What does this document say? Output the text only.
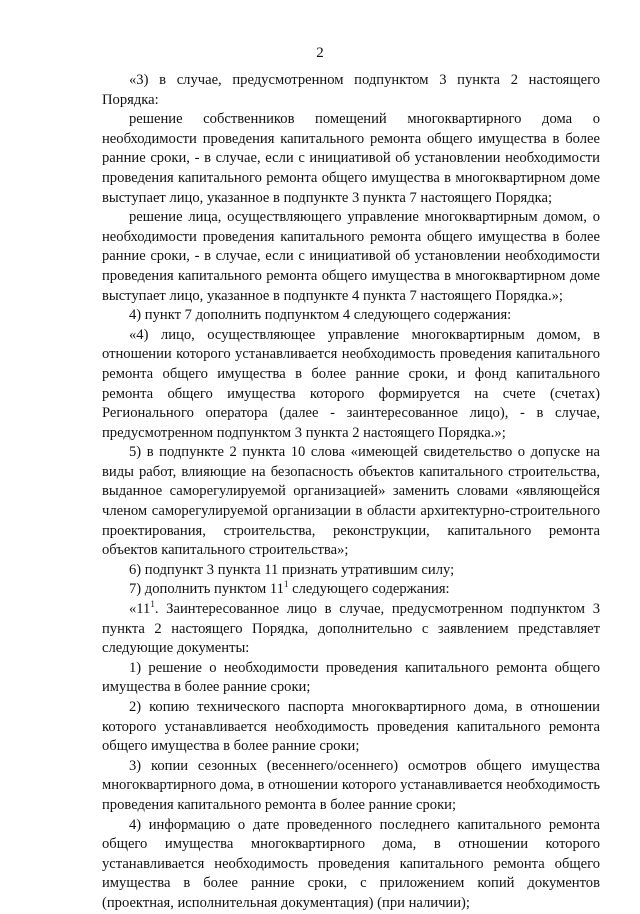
2

«3) в случае, предусмотренном подпунктом 3 пункта 2 настоящего Порядка:

решение собственников помещений многоквартирного дома о необходимости проведения капитального ремонта общего имущества в более ранние сроки, - в случае, если с инициативой об установлении необходимости проведения капитального ремонта общего имущества в многоквартирном доме выступает лицо, указанное в подпункте 3 пункта 7 настоящего Порядка;

решение лица, осуществляющего управление многоквартирным домом, о необходимости проведения капитального ремонта общего имущества в более ранние сроки, - в случае, если с инициативой об установлении необходимости проведения капитального ремонта общего имущества в многоквартирном доме выступает лицо, указанное в подпункте 4 пункта 7 настоящего Порядка.»;

4) пункт 7 дополнить подпунктом 4 следующего содержания:

«4) лицо, осуществляющее управление многоквартирным домом, в отношении которого устанавливается необходимость проведения капитального ремонта общего имущества в более ранние сроки, и фонд капитального ремонта общего имущества которого формируется на счете (счетах) Регионального оператора (далее - заинтересованное лицо), - в случае, предусмотренном подпунктом 3 пункта 2 настоящего Порядка.»;

5) в подпункте 2 пункта 10 слова «имеющей свидетельство о допуске на виды работ, влияющие на безопасность объектов капитального строительства, выданное саморегулируемой организацией» заменить словами «являющейся членом саморегулируемой организации в области архитектурно-строительного проектирования, строительства, реконструкции, капитального ремонта объектов капитального строительства»;

6) подпункт 3 пункта 11 признать утратившим силу;

7) дополнить пунктом $11^1$ следующего содержания:

«$11^1$. Заинтересованное лицо в случае, предусмотренном подпунктом 3 пункта 2 настоящего Порядка, дополнительно с заявлением представляет следующие документы:

1) решение о необходимости проведения капитального ремонта общего имущества в более ранние сроки;

2) копию технического паспорта многоквартирного дома, в отношении которого устанавливается необходимость проведения капитального ремонта общего имущества в более ранние сроки;

3) копии сезонных (весеннего/осеннего) осмотров общего имущества многоквартирного дома, в отношении которого устанавливается необходимость проведения капитального ремонта в более ранние сроки;

4) информацию о дате проведенного последнего капитального ремонта общего имущества многоквартирного дома, в отношении которого устанавливается необходимость проведения капитального ремонта общего имущества в более ранние сроки, с приложением копий документов (проектная, исполнительная документация) (при наличии);
